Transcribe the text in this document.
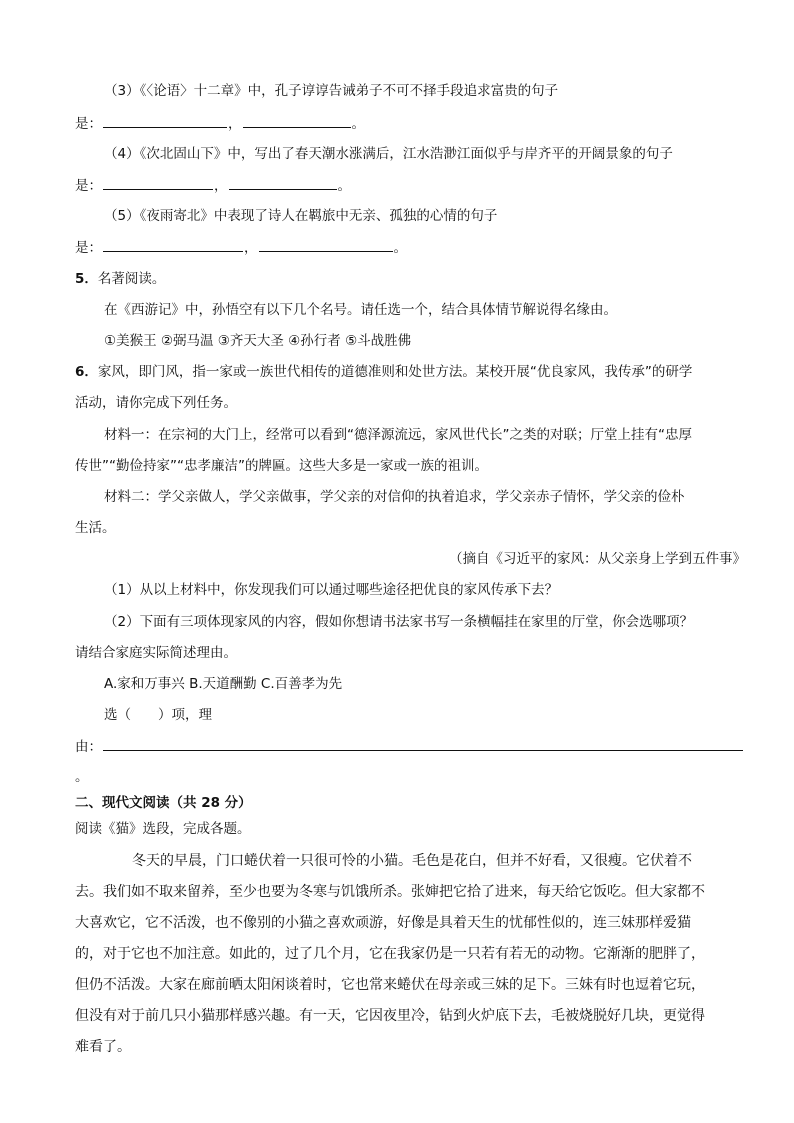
（3）《〈论语〉十二章》中，孔子谆谆告诫弟子不可不择手段追求富贵的句子
是：	，	。
（4）《次北固山下》中，写出了春天潮水涨满后，江水浩渺江面似乎与岸齐平的开阔景象的句子
是：	，	。
（5）《夜雨寄北》中表现了诗人在羁旅中无亲、孤独的心情的句子
是：	，	。
5．名著阅读。
在《西游记》中，孙悟空有以下几个名号。请任选一个，结合具体情节解说得名缘由。
①美猴王 ②弼马温 ③齐天大圣 ④孙行者 ⑤斗战胜佛
6．家风，即门风，指一家或一族世代相传的道德准则和处世方法。某校开展“优良家风，我传承”的研学
活动，请你完成下列任务。
材料一：在宗祠的大门上，经常可以看到“德泽源流远，家风世代长”之类的对联；厅堂上挂有“忠厚
传世”“勤俭持家”“忠孝廉洁”的牌匾。这些大多是一家或一族的祖训。
材料二：学父亲做人，学父亲做事，学父亲的对信仰的执着追求，学父亲赤子情怀，学父亲的俭朴
生活。
（摘自《习近平的家风：从父亲身上学到五件事》
（1）从以上材料中，你发现我们可以通过哪些途径把优良的家风传承下去？
（2）下面有三项体现家风的内容，假如你想请书法家书写一条横幅挂在家里的厅堂，你会选哪项？
请结合家庭实际简述理由。
A.家和万事兴 B.天道酬勤 C.百善孝为先
选（　　）项，理
由：
。
二、现代文阅读（共 28 分）
阅读《猫》选段，完成各题。
冬天的早晨，门口蜷伏着一只很可怜的小猫。毛色是花白，但并不好看，又很瘦。它伏着不
去。我们如不取来留养，至少也要为冬寒与饥饿所杀。张婶把它拾了进来，每天给它饭吃。但大家都不
大喜欢它，它不活泼，也不像别的小猫之喜欢顽游，好像是具着天生的忧郁性似的，连三妹那样爱猫
的，对于它也不加注意。如此的，过了几个月，它在我家仍是一只若有若无的动物。它渐渐的肥胖了，
但仍不活泼。大家在廊前晒太阳闲谈着时，它也常来蜷伏在母亲或三妹的足下。三妹有时也逗着它玩，
但没有对于前几只小猫那样感兴趣。有一天，它因夜里冷，钻到火炉底下去，毛被烧脱好几块，更觉得
难看了。
